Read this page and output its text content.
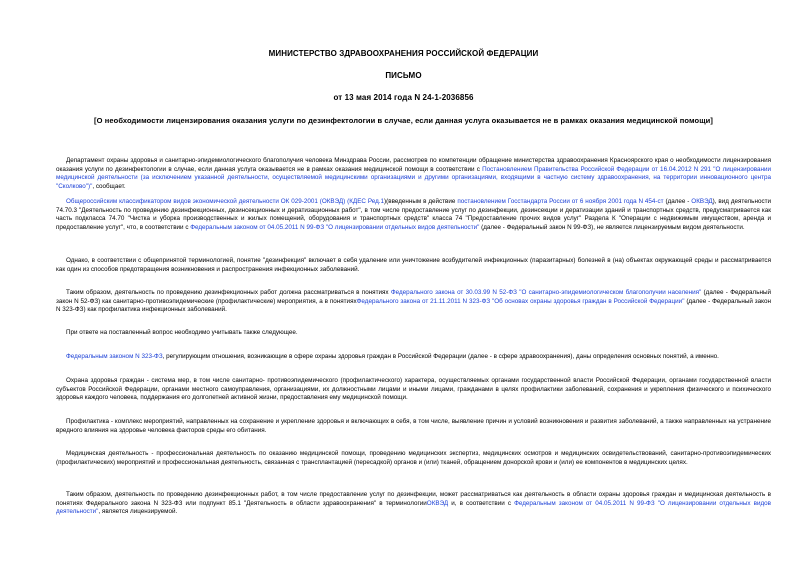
МИНИСТЕРСТВО ЗДРАВООХРАНЕНИЯ РОССИЙСКОЙ ФЕДЕРАЦИИ
ПИСЬМО
от 13 мая 2014 года N 24-1-2036856
[О необходимости лицензирования оказания услуги по дезинфектологии в случае, если данная услуга оказывается не в рамках оказания медицинской помощи]
Департамент охраны здоровья и санитарно-эпидемиологического благополучия человека Минздрава России, рассмотрев по компетенции обращение министерства здравоохранения Красноярского края о необходимости лицензирования оказания услуги по дезинфектологии в случае, если данная услуга оказывается не в рамках оказания медицинской помощи в соответствии с Постановлением Правительства Российской Федерации от 16.04.2012 N 291 "О лицензировании медицинской деятельности (за исключением указанной деятельности, осуществляемой медицинскими организациями и другими организациями, входящими в частную систему здравоохранения, на территории инновационного центра "Сколково")", сообщает.
Общероссийским классификатором видов экономической деятельности ОК 029-2001 (ОКВЭД) (КДЕС Ред.1)(введенным в действие постановлением Госстандарта России от 6 ноября 2001 года N 454-ст (далее - ОКВЭД), вид деятельности 74.70.3 "Деятельность по проведению дезинфекционных, дезинсекционных и дератизационных работ", в том числе предоставление услуг по дезинфекции, дезинсекции и дератизации зданий и транспортных средств, предусматривается как часть подкласса 74.70 "Чистка и уборка производственных и жилых помещений, оборудования и транспортных средств" класса 74 "Предоставление прочих видов услуг" Раздела К "Операции с недвижимым имуществом, аренда и предоставление услуг", что, в соответствии с Федеральным законом от 04.05.2011 N 99-ФЗ "О лицензировании отдельных видов деятельности" (далее - Федеральный закон N 99-ФЗ), не является лицензируемым видом деятельности.
Однако, в соответствии с общепринятой терминологией, понятие "дезинфекция" включает в себя удаление или уничтожение возбудителей инфекционных (паразитарных) болезней в (на) объектах окружающей среды и рассматривается как один из способов предотвращения возникновения и распространения инфекционных заболеваний.
Таким образом, деятельность по проведению дезинфекционных работ должна рассматриваться в понятиях Федерального закона от 30.03.99 N 52-ФЗ "О санитарно-эпидемиологическом благополучии населения" (далее - Федеральный закон N 52-ФЗ) как санитарно-противоэпидемические (профилактические) мероприятия, а в понятияхФедерального закона от 21.11.2011 N 323-ФЗ "Об основах охраны здоровья граждан в Российской Федерации" (далее - Федеральный закон N 323-ФЗ) как профилактика инфекционных заболеваний.
При ответе на поставленный вопрос необходимо учитывать также следующее.
Федеральным законом N 323-ФЗ, регулирующим отношения, возникающие в сфере охраны здоровья граждан в Российской Федерации (далее - в сфере здравоохранения), даны определения основных понятий, а именно.
Охрана здоровья граждан - система мер, в том числе санитарно- противоэпидемического (профилактического) характера, осуществляемых органами государственной власти Российской Федерации, органами государственной власти субъектов Российской Федерации, органами местного самоуправления, организациями, их должностными лицами и иными лицами, гражданами в целях профилактики заболеваний, сохранения и укрепления физического и психического здоровья каждого человека, поддержания его долголетней активной жизни, предоставления ему медицинской помощи.
Профилактика - комплекс мероприятий, направленных на сохранение и укрепление здоровья и включающих в себя, в том числе, выявление причин и условий возникновения и развития заболеваний, а также направленных на устранение вредного влияния на здоровье человека факторов среды его обитания.
Медицинская деятельность - профессиональная деятельность по оказанию медицинской помощи, проведению медицинских экспертиз, медицинских осмотров и медицинских освидетельствований, санитарно-противоэпидемических (профилактических) мероприятий и профессиональная деятельность, связанная с трансплантацией (пересадкой) органов и (или) тканей, обращением донорской крови и (или) ее компонентов в медицинских целях.
Таким образом, деятельность по проведению дезинфекционных работ, в том числе предоставление услуг по дезинфекции, может рассматриваться как деятельность в области охраны здоровья граждан и медицинская деятельность в понятиях Федерального закона N 323-ФЗ или подпункт 85.1 "Деятельность в области здравоохранения" в терминологииОКВЭД и, в соответствии с Федеральным законом от 04.05.2011 N 99-ФЗ "О лицензировании отдельных видов деятельности", является лицензируемой.
